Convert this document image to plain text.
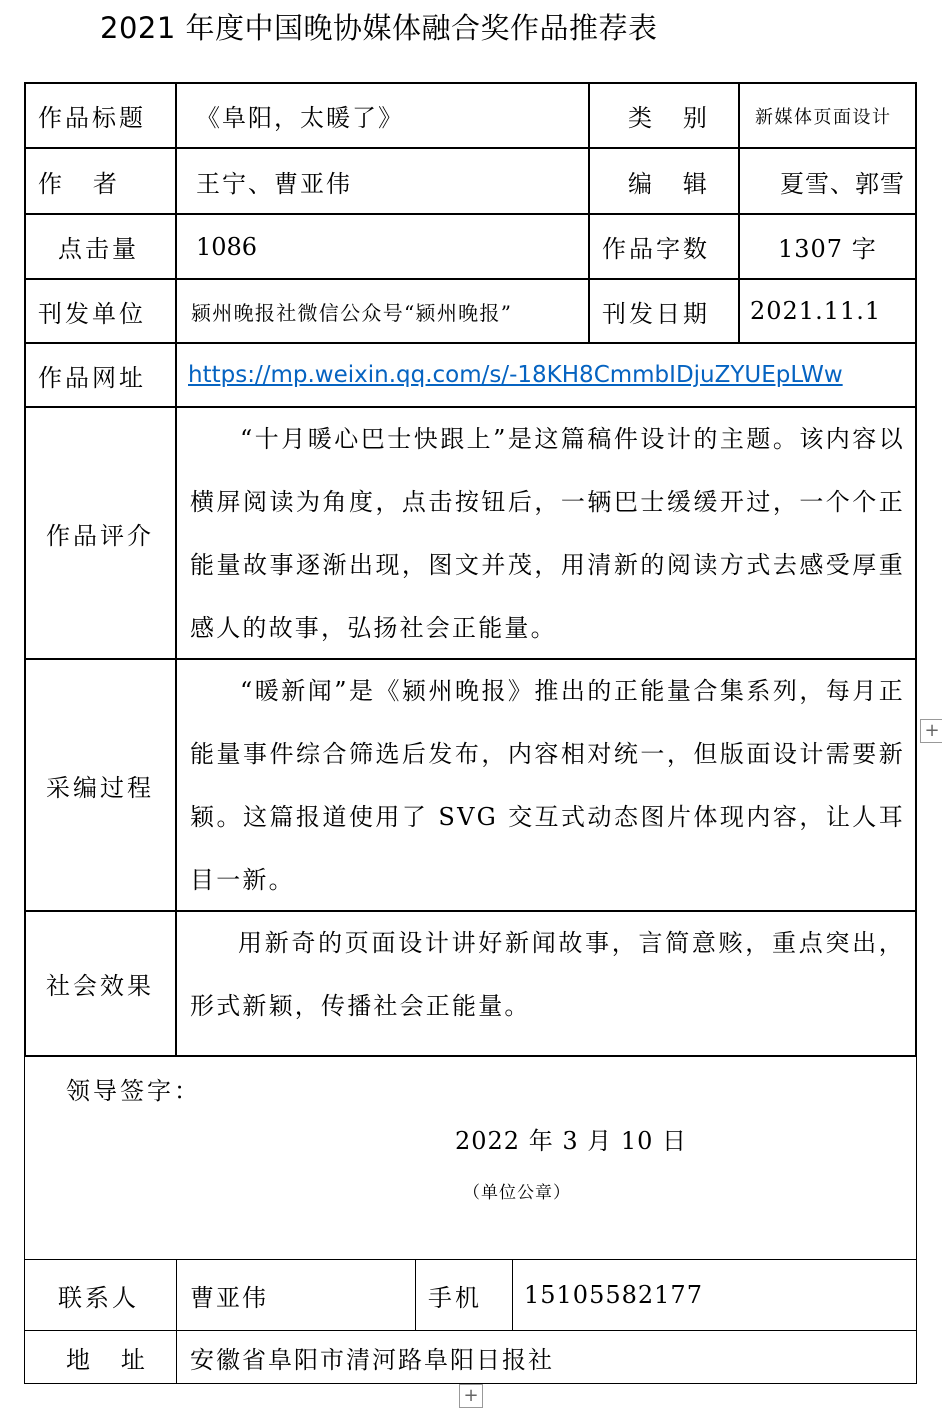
2021 年度中国晚协媒体融合奖作品推荐表
作品标题 《阜阳，太暖了》	类   别	新媒体页面设计
作   者	王宁、曹亚伟	编   辑	夏雪、郭雪
点击量 1086	作品字数	1307 字
刊发单位 颍州晚报社微信公众号“颍州晚报”	刊发日期 2021.11.1
作品网址 https://mp.weixin.qq.com/s/-18KH8CmmbIDjuZYUEpLWw
作品评介
“十月暖心巴士快跟上”是这篇稿件设计的主题。该内容以横屏阅读为角度，点击按钮后，一辆巴士缓缓开过，一个个正能量故事逐渐出现，图文并茂，用清新的阅读方式去感受厚重感人的故事，弘扬社会正能量。
采编过程
“暖新闻”是《颍州晚报》推出的正能量合集系列，每月正能量事件综合筛选后发布，内容相对统一，但版面设计需要新颖。这篇报道使用了 SVG 交互式动态图片体现内容，让人耳目一新。
社会效果
用新奇的页面设计讲好新闻故事，言简意赅，重点突出，形式新颖，传播社会正能量。
领导签字：
2022 年 3 月 10 日
（单位公章）
联系人 曹亚伟	手机 15105582177
地   址 安徽省阜阳市清河路阜阳日报社
+
+
